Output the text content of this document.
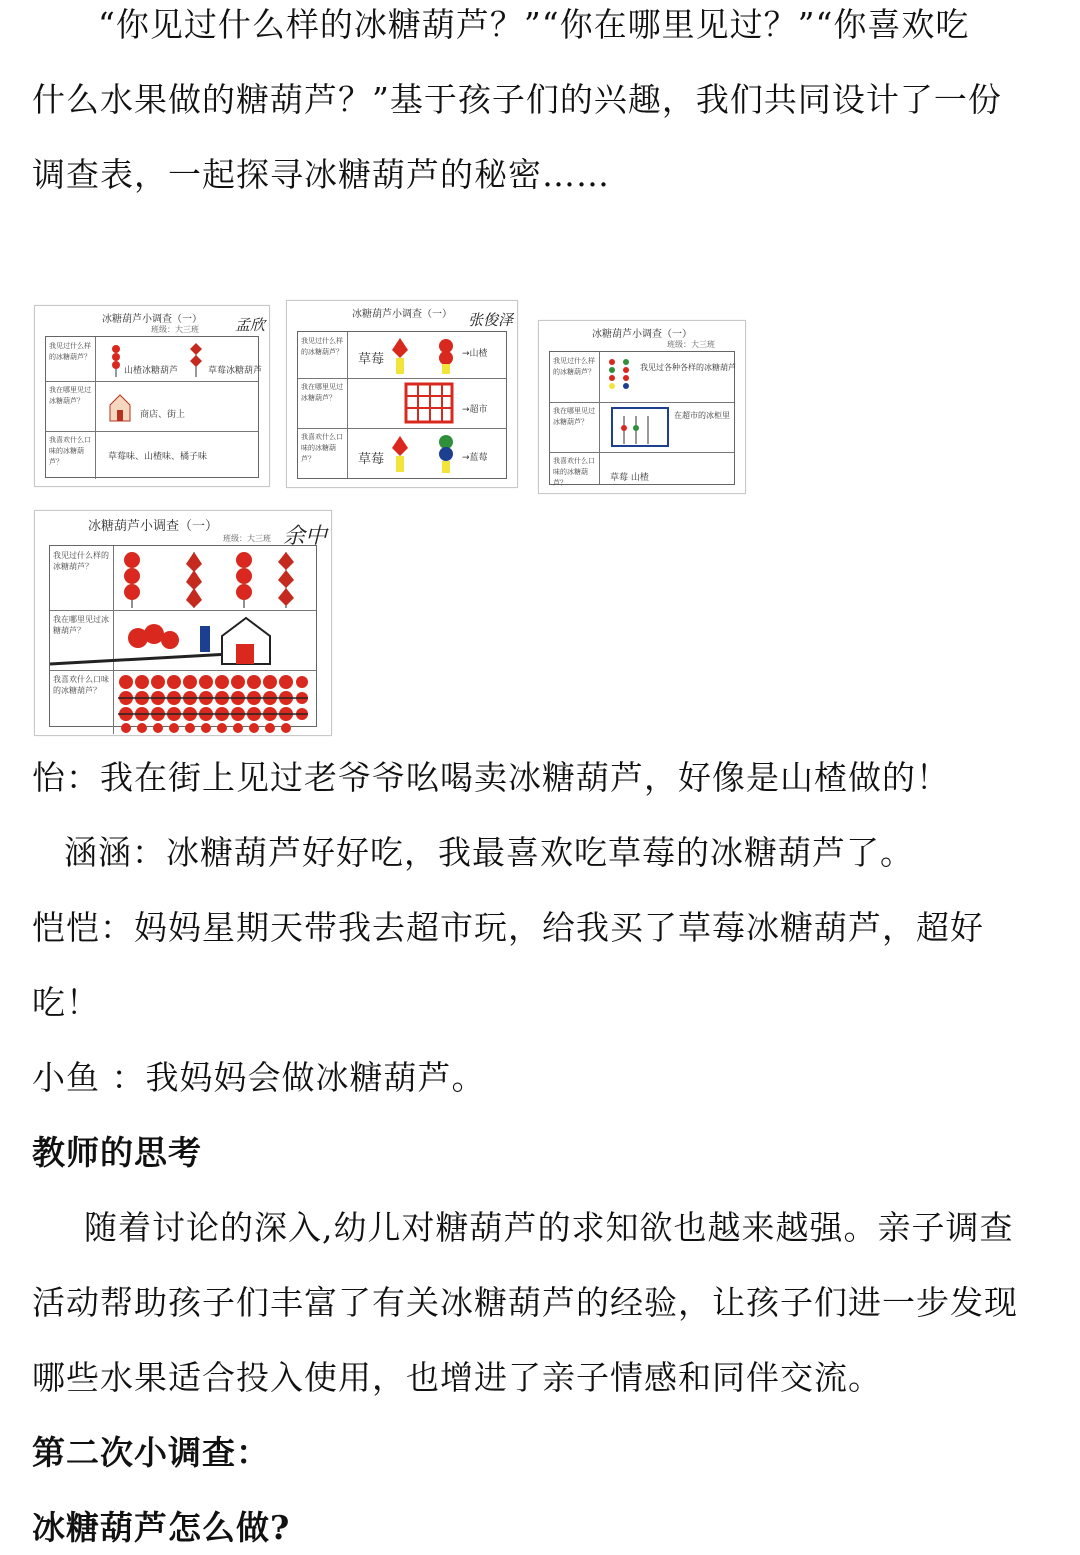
“你见过什么样的冰糖葫芦？”“你在哪里见过？”“你喜欢吃
什么水果做的糖葫芦？”基于孩子们的兴趣，我们共同设计了一份
调查表，一起探寻冰糖葫芦的秘密……
冰糖葫芦小调查（一）
班级：大三班 孟欣
我见过什么样的冰糖葫芦？
山楂冰糖葫芦	草莓冰糖葫芦
我在哪里见过冰糖葫芦？
商店、街上
我喜欢什么口味的冰糖葫芦？	草莓味、山楂味、橘子味
冰糖葫芦小调查（一）	张俊泽
我见过什么样的冰糖葫芦？	草莓	→山楂
我在哪里见过冰糖葫芦？
→超市
我喜欢什么口味的冰糖葫芦？	草莓	→蓝莓
冰糖葫芦小调查（一）
班级：大三班
我见过什么样的冰糖葫芦？	我见过各种各样的冰糖葫芦
我在哪里见过冰糖葫芦？
在超市的冰柜里
我喜欢什么口味的冰糖葫芦？	草莓 山楂
冰糖葫芦小调查（一）
班级：大三班 余中
我见过什么样的冰糖葫芦？
我在哪里见过冰糖葫芦？
我喜欢什么口味的冰糖葫芦？
怡：我在街上见过老爷爷吆喝卖冰糖葫芦，好像是山楂做的！
涵涵：冰糖葫芦好好吃，我最喜欢吃草莓的冰糖葫芦了。
恺恺：妈妈星期天带我去超市玩，给我买了草莓冰糖葫芦，超好
吃！
小鱼 ：我妈妈会做冰糖葫芦。
教师的思考
随着讨论的深入,幼儿对糖葫芦的求知欲也越来越强。亲子调查
活动帮助孩子们丰富了有关冰糖葫芦的经验，让孩子们进一步发现
哪些水果适合投入使用，也增进了亲子情感和同伴交流。
第二次小调查：
冰糖葫芦怎么做?
